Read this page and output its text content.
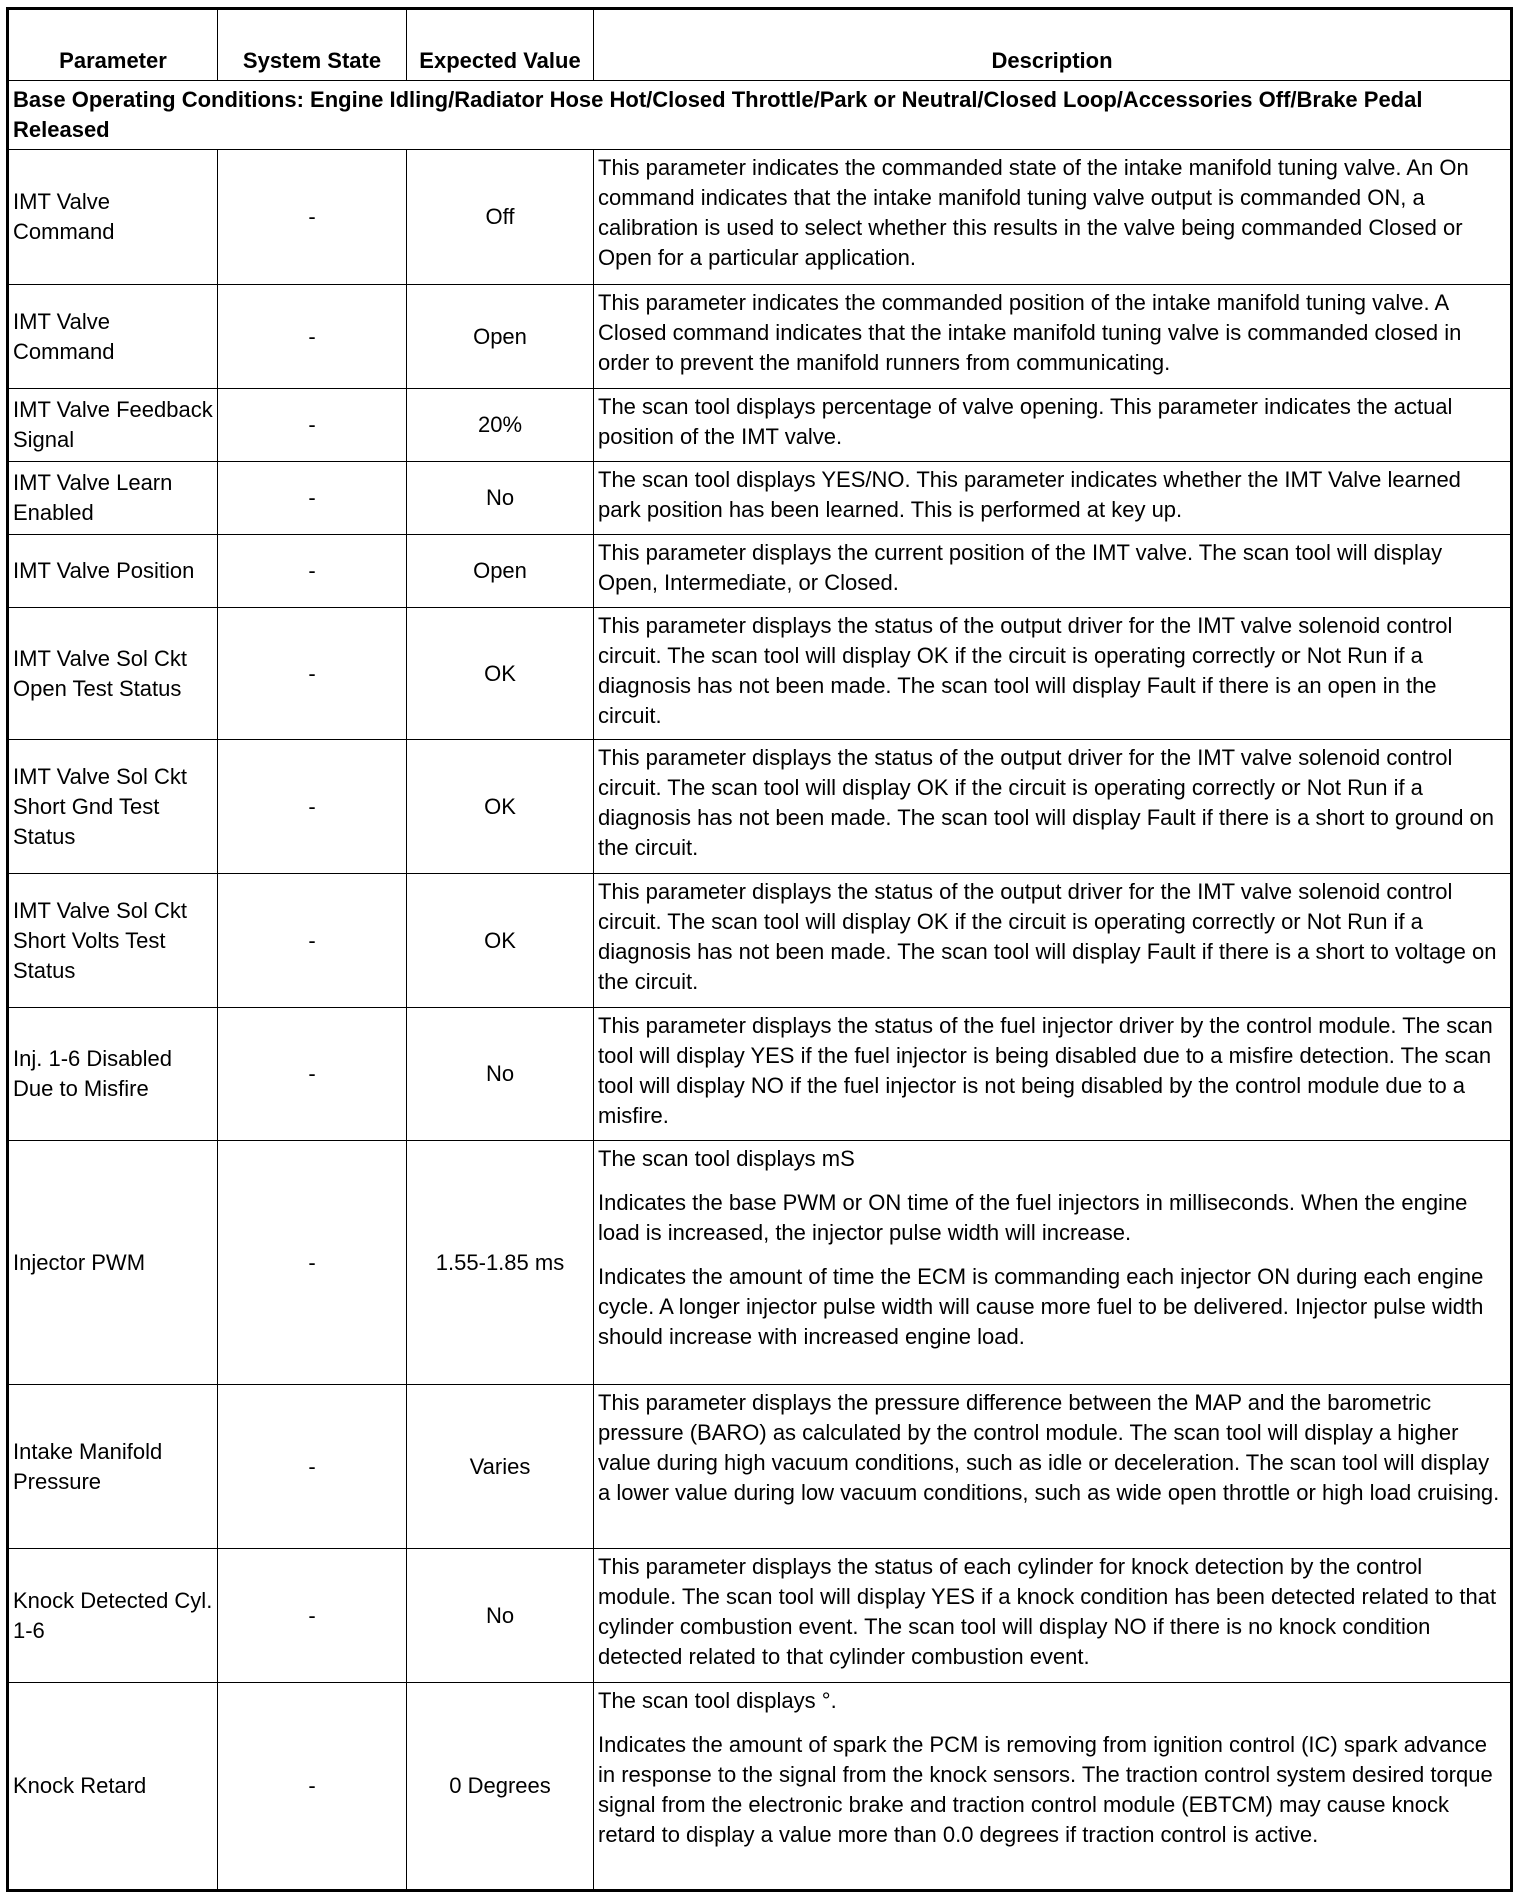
Parameter	System State	Expected Value	Description
Base Operating Conditions: Engine Idling/Radiator Hose Hot/Closed Throttle/Park or Neutral/Closed Loop/Accessories Off/Brake Pedal Released			
IMT Valve Command	-	Off	This parameter indicates the commanded state of the intake manifold tuning valve. An On command indicates that the intake manifold tuning valve output is commanded ON, a calibration is used to select whether this results in the valve being commanded Closed or Open for a particular application.

IMT Valve Command	-	Open	This parameter indicates the commanded position of the intake manifold tuning valve. A Closed command indicates that the intake manifold tuning valve is commanded closed in order to prevent the manifold runners from communicating.

IMT Valve Feedback Signal	-	20%	The scan tool displays percentage of valve opening. This parameter indicates the actual position of the IMT valve.

IMT Valve Learn Enabled	-	No	The scan tool displays YES/NO. This parameter indicates whether the IMT Valve learned park position has been learned. This is performed at key up.

IMT Valve Position	-	Open	This parameter displays the current position of the IMT valve. The scan tool will display Open, Intermediate, or Closed.

IMT Valve Sol Ckt Open Test Status	-	OK	This parameter displays the status of the output driver for the IMT valve solenoid control circuit. The scan tool will display OK if the circuit is operating correctly or Not Run if a diagnosis has not been made. The scan tool will display Fault if there is an open in the circuit.

IMT Valve Sol Ckt Short Gnd Test Status	-	OK	This parameter displays the status of the output driver for the IMT valve solenoid control circuit. The scan tool will display OK if the circuit is operating correctly or Not Run if a diagnosis has not been made. The scan tool will display Fault if there is a short to ground on the circuit.

IMT Valve Sol Ckt Short Volts Test Status	-	OK	This parameter displays the status of the output driver for the IMT valve solenoid control circuit. The scan tool will display OK if the circuit is operating correctly or Not Run if a diagnosis has not been made. The scan tool will display Fault if there is a short to voltage on the circuit.

Inj. 1-6 Disabled Due to Misfire	-	No	This parameter displays the status of the fuel injector driver by the control module. The scan tool will display YES if the fuel injector is being disabled due to a misfire detection. The scan tool will display NO if the fuel injector is not being disabled by the control module due to a misfire.

Injector PWM	-	1.55-1.85 ms	The scan tool displays mS

Indicates the base PWM or ON time of the fuel injectors in milliseconds. When the engine load is increased, the injector pulse width will increase.

Indicates the amount of time the ECM is commanding each injector ON during each engine cycle. A longer injector pulse width will cause more fuel to be delivered. Injector pulse width should increase with increased engine load.

Intake Manifold Pressure	-	Varies	This parameter displays the pressure difference between the MAP and the barometric pressure (BARO) as calculated by the control module. The scan tool will display a higher value during high vacuum conditions, such as idle or deceleration. The scan tool will display a lower value during low vacuum conditions, such as wide open throttle or high load cruising.

Knock Detected Cyl. 1-6	-	No	This parameter displays the status of each cylinder for knock detection by the control module. The scan tool will display YES if a knock condition has been detected related to that cylinder combustion event. The scan tool will display NO if there is no knock condition detected related to that cylinder combustion event.

Knock Retard	-	0 Degrees	The scan tool displays °.

Indicates the amount of spark the PCM is removing from ignition control (IC) spark advance in response to the signal from the knock sensors. The traction control system desired torque signal from the electronic brake and traction control module (EBTCM) may cause knock retard to display a value more than 0.0 degrees if traction control is active.
